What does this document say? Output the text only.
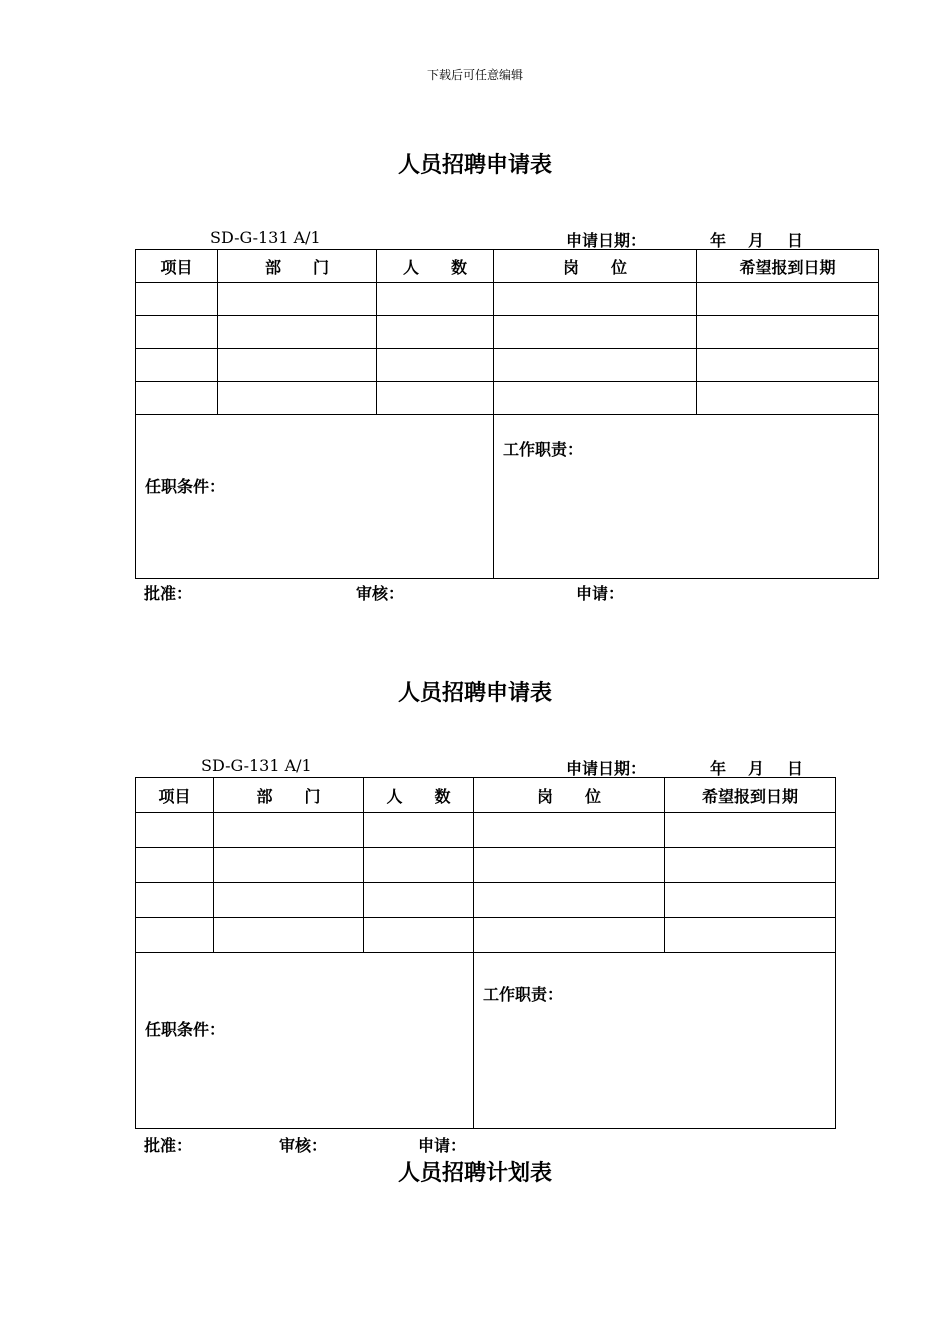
下载后可任意编辑
人员招聘申请表
SD-G-131 A/1	申请日期：	年 月 日
项目	部　　门	人　　数	岗　　位	希望报到日期

任职条件：			工作职责：	
批准：	审核：	申请：
人员招聘申请表
SD-G-131 A/1	申请日期：	年 月 日
项目	部　　门	人　　数	岗　　位	希望报到日期

任职条件：			工作职责：	
批准：	审核：	申请：
人员招聘计划表
